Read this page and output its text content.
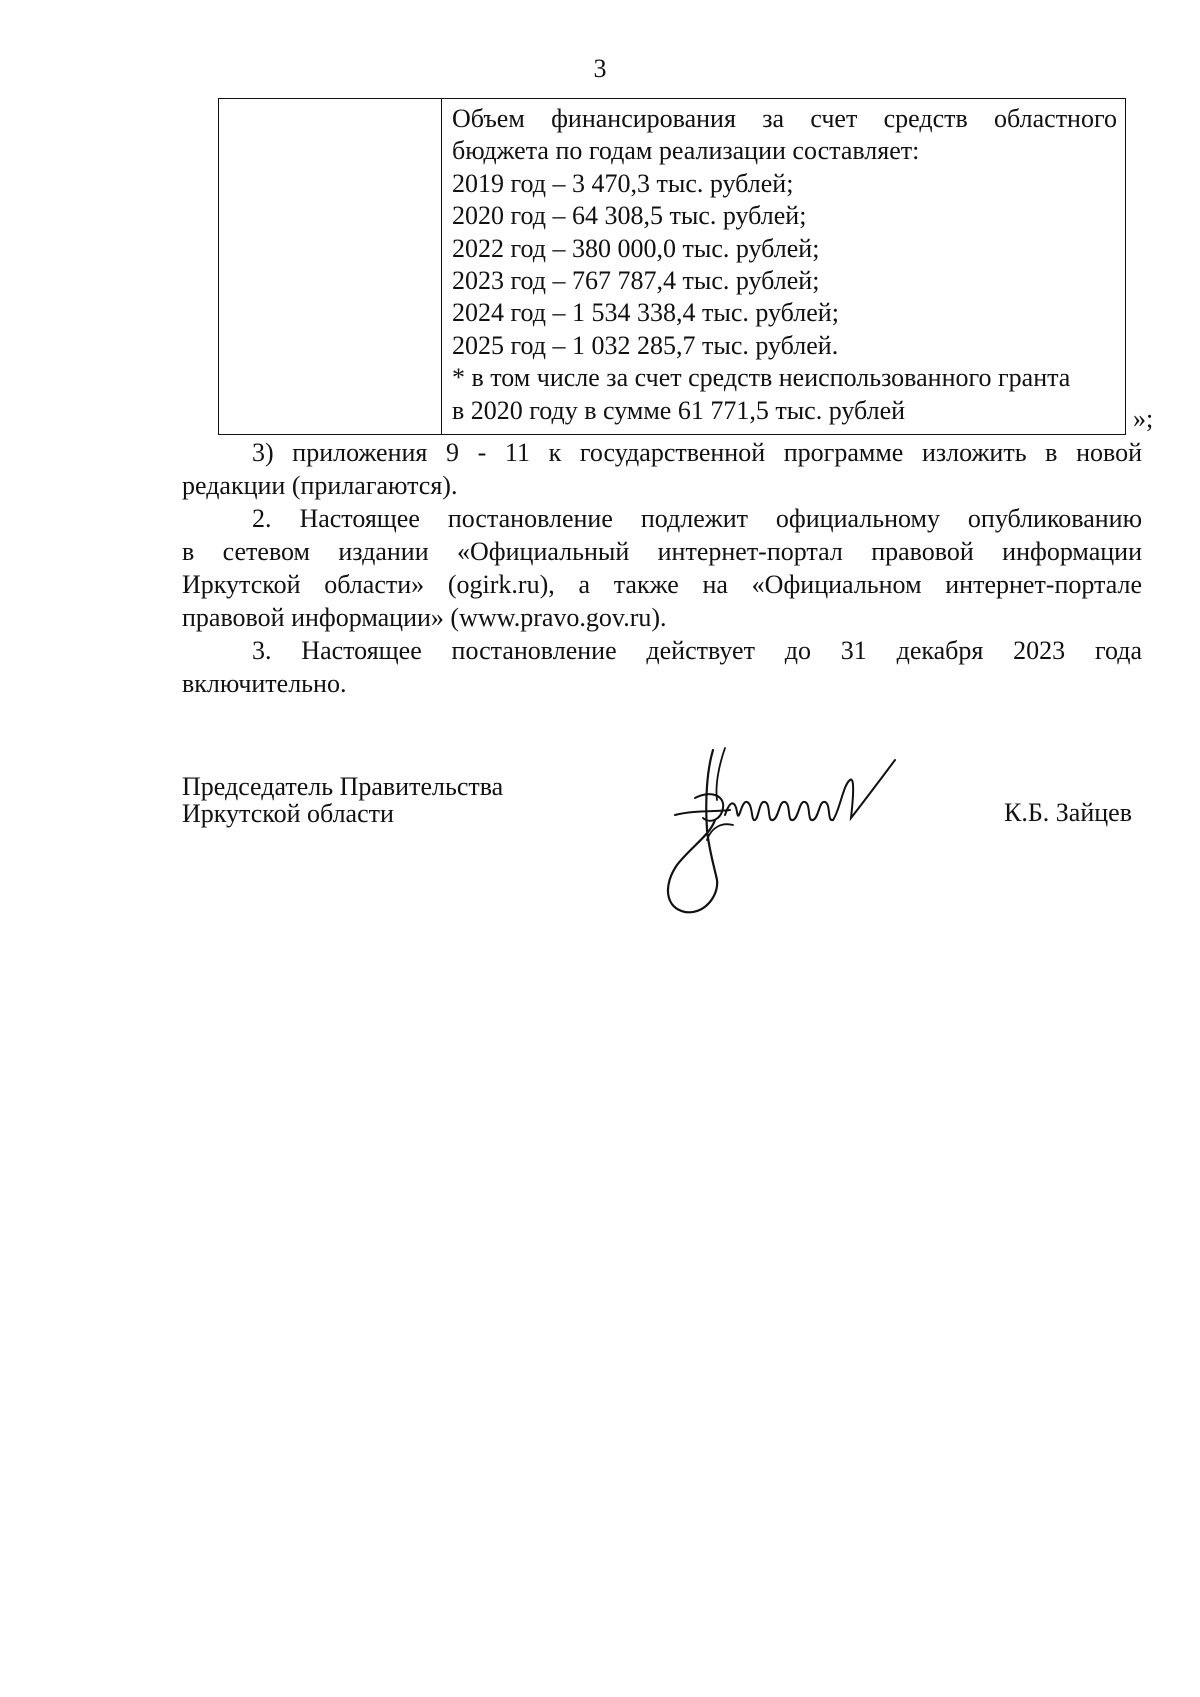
3

Объем финансирования за счет средств областного
бюджета по годам реализации составляет:
2019 год – 3 470,3 тыс. рублей;
2020 год – 64 308,5 тыс. рублей;
2022 год – 380 000,0 тыс. рублей;
2023 год – 767 787,4 тыс. рублей;
2024 год – 1 534 338,4 тыс. рублей;
2025 год – 1 032 285,7 тыс. рублей.
* в том числе за счет средств неиспользованного гранта
в 2020 году в сумме 61 771,5 тыс. рублей	»;
3) приложения 9 - 11 к государственной программе изложить в новой
редакции (прилагаются).
2. Настоящее постановление подлежит официальному опубликованию
в сетевом издании «Официальный интернет-портал правовой информации
Иркутской области» (ogirk.ru), а также на «Официальном интернет-портале
правовой информации» (www.pravo.gov.ru).
3. Настоящее постановление действует до 31 декабря 2023 года
включительно.
Председатель Правительства
Иркутской области	К.Б. Зайцев
